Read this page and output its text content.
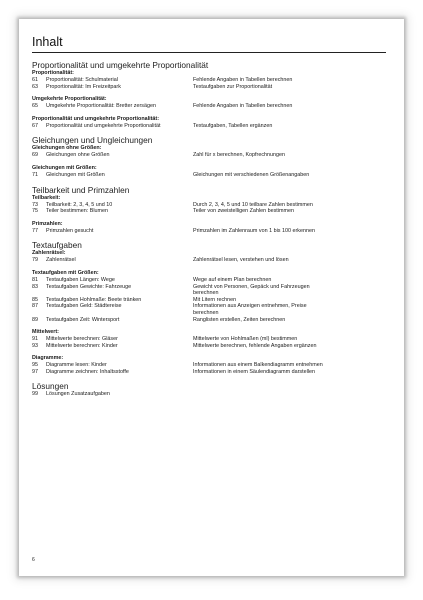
Inhalt
Proportionalität und umgekehrte Proportionalität
Proportionalität:
61	Proportionalität: Schulmaterial	Fehlende Angaben in Tabellen berechnen
63	Proportionalität: Im Freizeitpark	Textaufgaben zur Proportionalität
Umgekehrte Proportionalität:
65	Umgekehrte Proportionalität: Bretter zersägen	Fehlende Angaben in Tabellen berechnen
Proportionalität und umgekehrte Proportionalität:
67	Proportionalität und umgekehrte Proportionalität	Textaufgaben, Tabellen ergänzen
Gleichungen und Ungleichungen
Gleichungen ohne Größen:
69	Gleichungen ohne Größen	Zahl für x berechnen, Kopfrechnungen
Gleichungen mit Größen:
71	Gleichungen mit Größen	Gleichungen mit verschiedenen Größenangaben
Teilbarkeit und Primzahlen
Teilbarkeit:
73	Teilbarkeit: 2, 3, 4, 5 und 10	Durch 2, 3, 4, 5 und 10 teilbare Zahlen bestimmen
75	Teiler bestimmen: Blumen	Teiler von zweistelligen Zahlen bestimmen
Primzahlen:
77	Primzahlen gesucht	Primzahlen im Zahlenraum von 1 bis 100 erkennen
Textaufgaben
Zahlenrätsel:
79	Zahlenrätsel	Zahlenrätsel lesen, verstehen und lösen
Textaufgaben mit Größen:
81	Textaufgaben Längen: Wege	Wege auf einem Plan berechnen
83	Textaufgaben Gewichte: Fahrzeuge	Gewicht von Personen, Gepäck und Fahrzeugen
berechnen
85	Textaufgaben Hohlmaße: Beete tränken	Mit Litern rechnen
87	Textaufgaben Geld: Städtereise	Informationen aus Anzeigen entnehmen, Preise
berechnen
89	Textaufgaben Zeit: Wintersport	Ranglisten erstellen, Zeiten berechnen
Mittelwert:
91	Mittelwerte berechnen: Gläser	Mittelwerte von Hohlmaßen (ml) bestimmen
93	Mittelwerte berechnen: Kinder	Mittelwerte berechnen, fehlende Angaben ergänzen
Diagramme:
95	Diagramme lesen: Kinder	Informationen aus einem Balkendiagramm entnehmen
97	Diagramme zeichnen: Inhaltsstoffe	Informationen in einem Säulendiagramm darstellen
Lösungen
99	Lösungen Zusatzaufgaben
6
